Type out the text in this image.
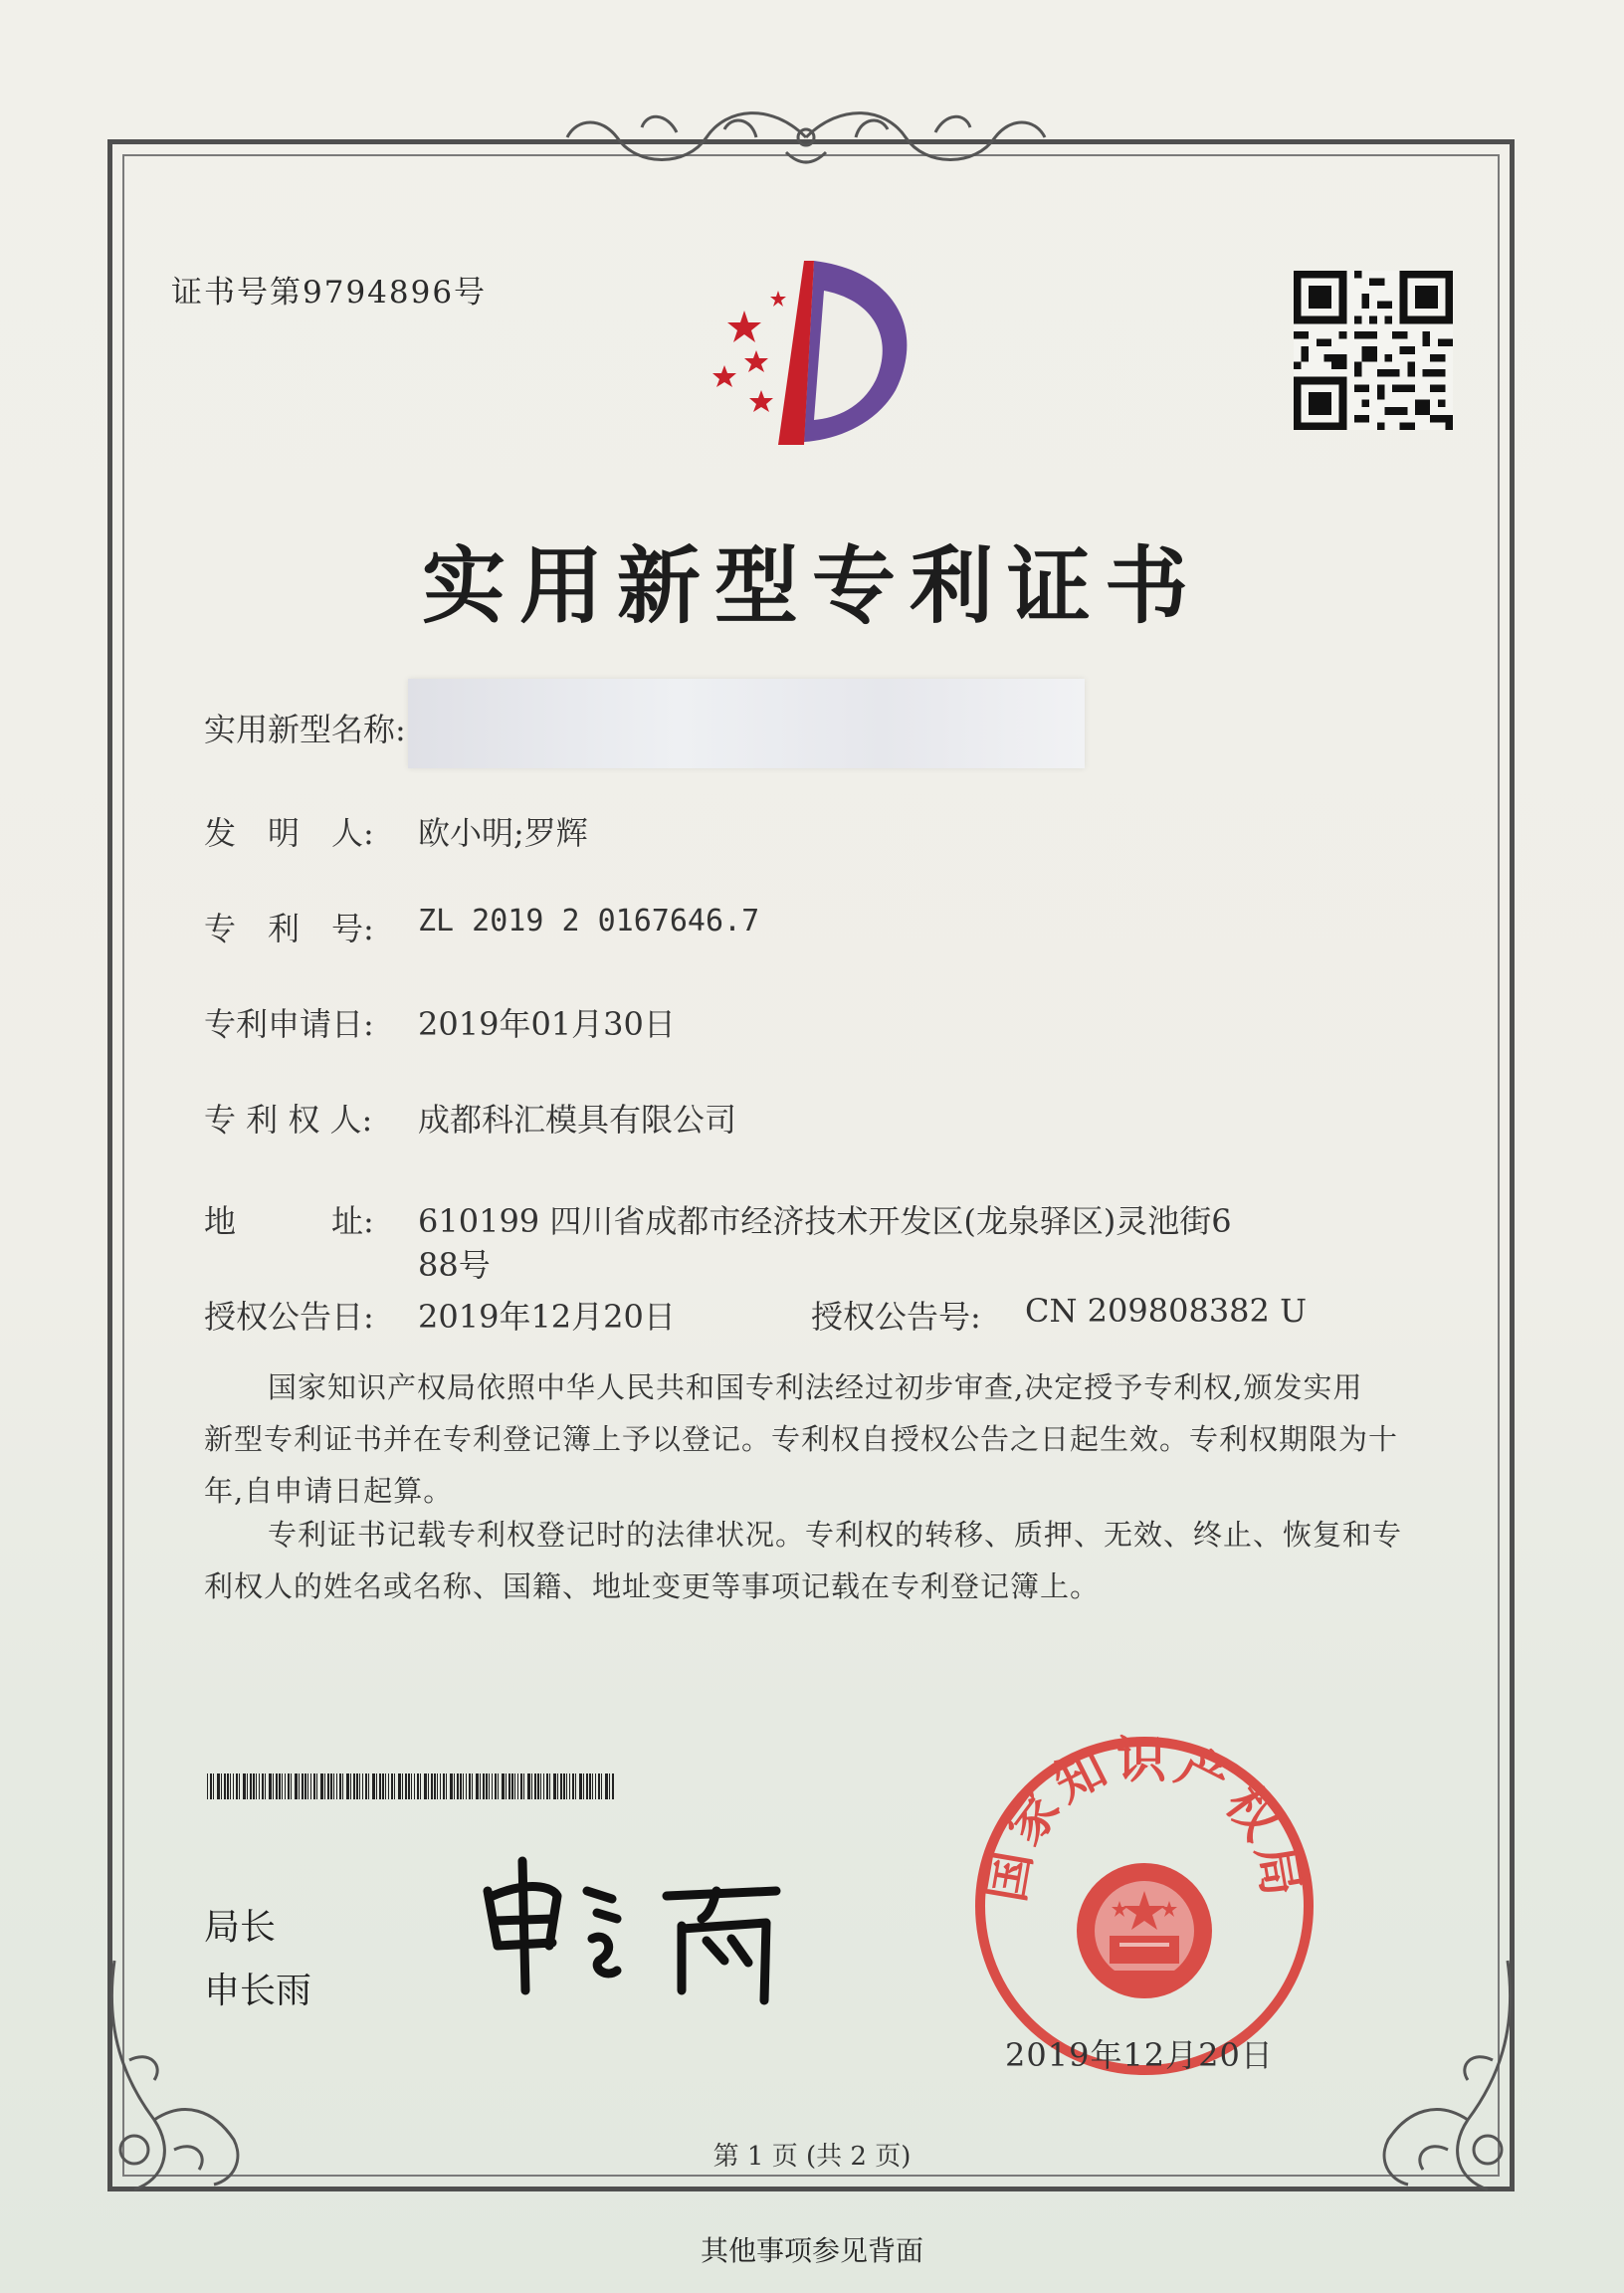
证书号第9794896号
实用新型专利证书
实用新型名称:
发　明　人: 欧小明;罗辉
专　利　号: ZL 2019 2 0167646.7
专利申请日: 2019年01月30日
专 利 权 人: 成都科汇模具有限公司
地　　　址: 610199 四川省成都市经济技术开发区(龙泉驿区)灵池街6
88号
授权公告日: 2019年12月20日	授权公告号: CN 209808382 U
国家知识产权局依照中华人民共和国专利法经过初步审查,决定授予专利权,颁发实用
新型专利证书并在专利登记簿上予以登记。专利权自授权公告之日起生效。专利权期限为十
年,自申请日起算。
专利证书记载专利权登记时的法律状况。专利权的转移、质押、无效、终止、恢复和专
利权人的姓名或名称、国籍、地址变更等事项记载在专利登记簿上。
局长
申长雨
国家知识产权局
2019年12月20日
第 1 页 (共 2 页)
其他事项参见背面
